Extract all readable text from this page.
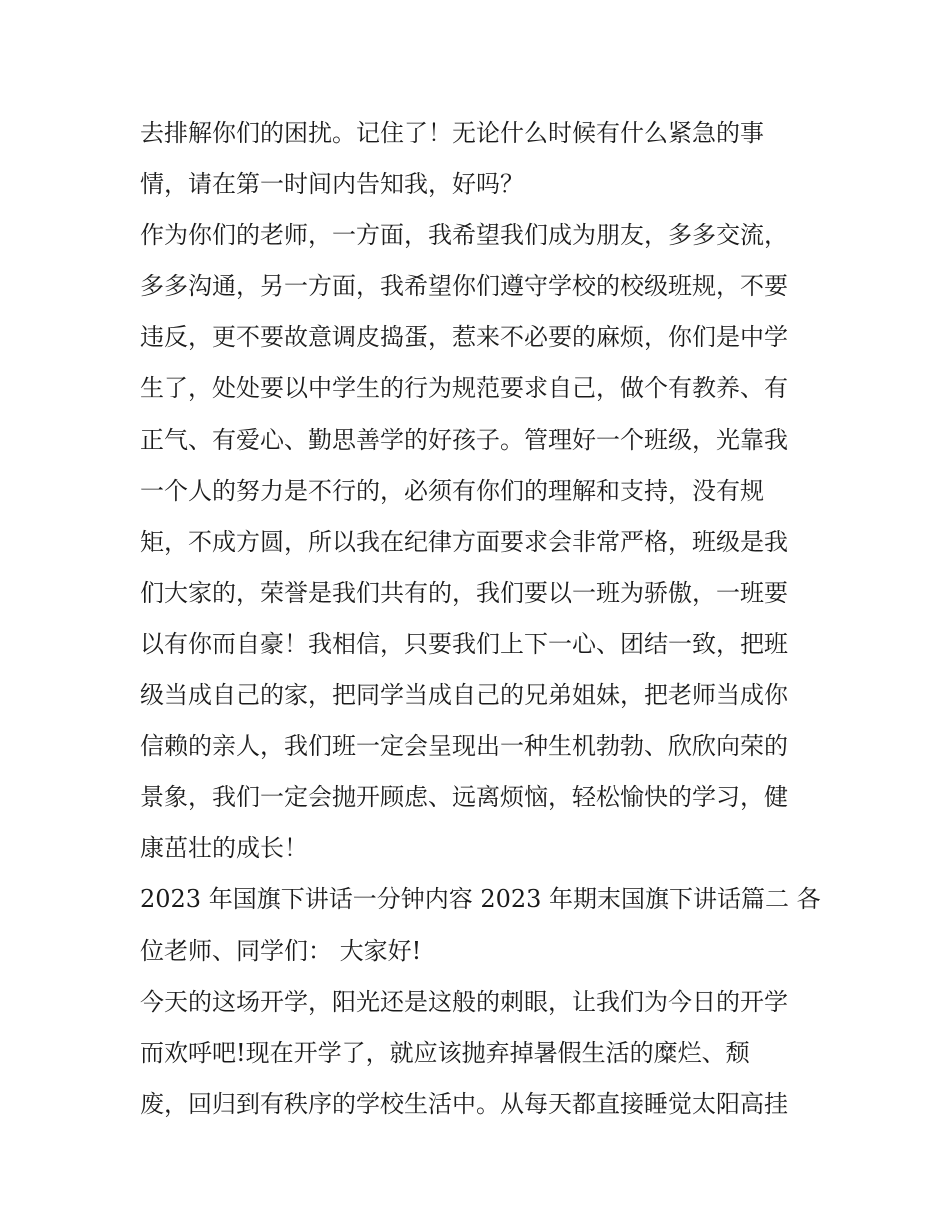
去排解你们的困扰。记住了！无论什么时候有什么紧急的事
情，请在第一时间内告知我，好吗？
作为你们的老师，一方面，我希望我们成为朋友，多多交流，
多多沟通，另一方面，我希望你们遵守学校的校级班规，不要
违反，更不要故意调皮捣蛋，惹来不必要的麻烦，你们是中学
生了，处处要以中学生的行为规范要求自己，做个有教养、有
正气、有爱心、勤思善学的好孩子。管理好一个班级，光靠我
一个人的努力是不行的，必须有你们的理解和支持，没有规
矩，不成方圆，所以我在纪律方面要求会非常严格，班级是我
们大家的，荣誉是我们共有的，我们要以一班为骄傲，一班要
以有你而自豪！我相信，只要我们上下一心、团结一致，把班
级当成自己的家，把同学当成自己的兄弟姐妹，把老师当成你
信赖的亲人，我们班一定会呈现出一种生机勃勃、欣欣向荣的
景象，我们一定会抛开顾虑、远离烦恼，轻松愉快的学习，健
康茁壮的成长！
2023 年国旗下讲话一分钟内容 2023 年期末国旗下讲话篇二 各
位老师、同学们： 大家好!
今天的这场开学，阳光还是这般的刺眼，让我们为今日的开学
而欢呼吧!现在开学了，就应该抛弃掉暑假生活的糜烂、颓
废，回归到有秩序的学校生活中。从每天都直接睡觉太阳高挂
